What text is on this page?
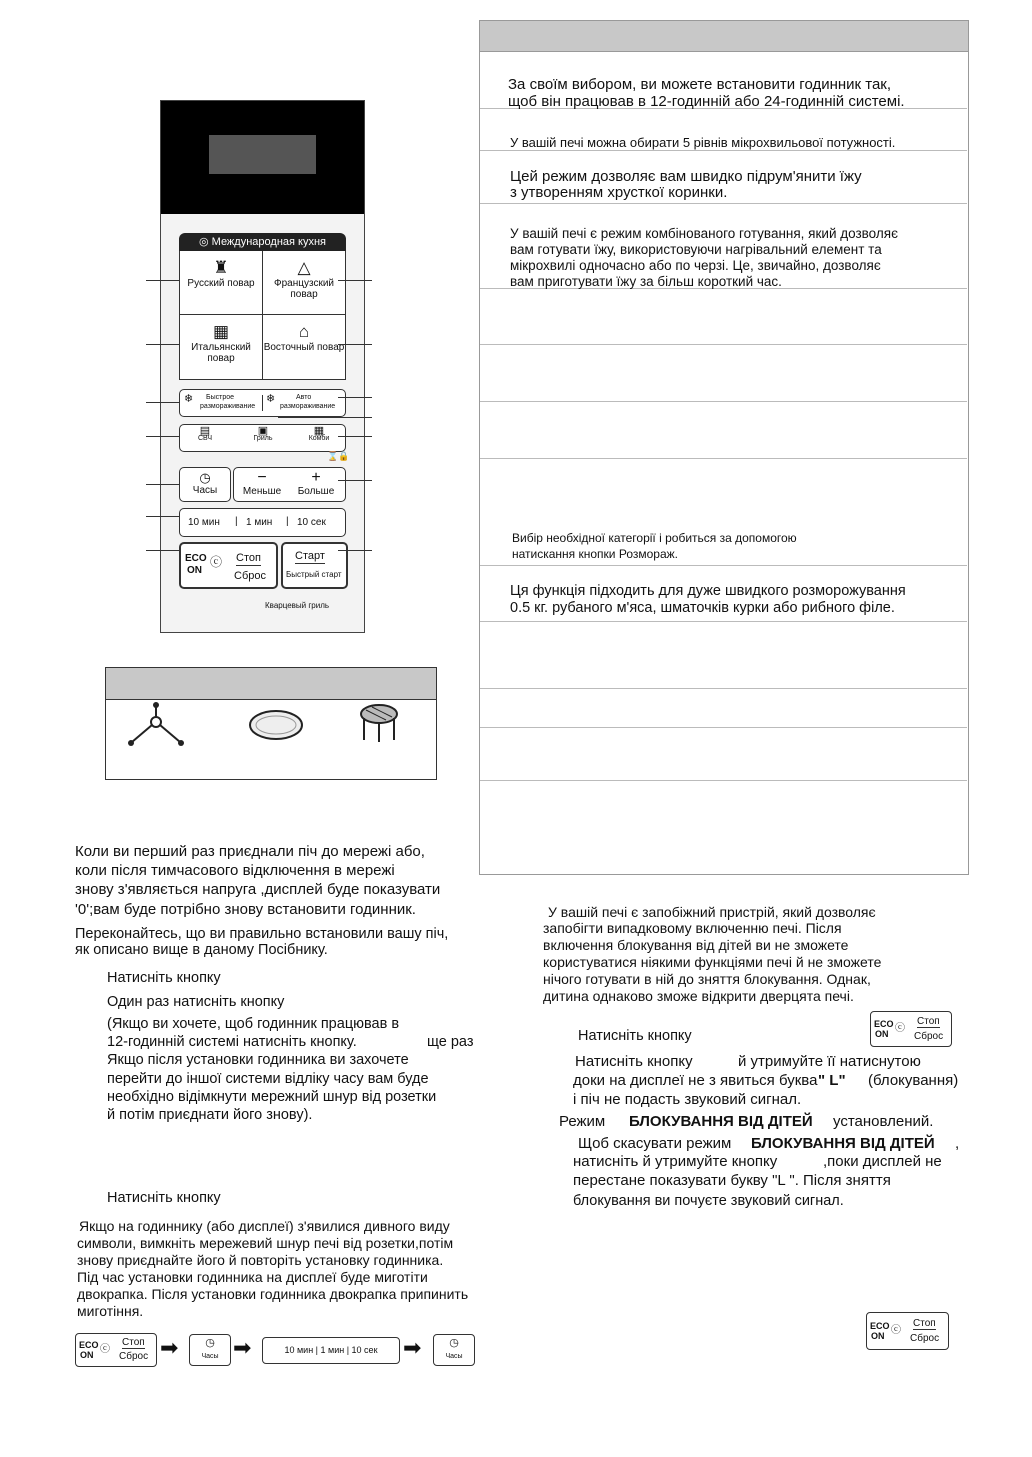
◎ Международная кухня
♜
Русский повар
△
Французский повар
▦
Итальянский повар
⌂
Восточный повар
❄ Быстрое
размораживание
❄	Авто
размораживание
▤
СВЧ
▣
Гриль
▦
Комби
⌛🔒
◷
Часы
−
Меньше
+
Больше
10 мин | 1 мин | 10 сек
ECO
ON
ⓒ Стоп
Сброс
Старт
Быстрый старт
Кварцевый гриль
За своїм вибором, ви можете встановити годинник так,
щоб він працював в 12-годинній або 24-годинній системі.
У вашій печі можна обирати 5 рівнів мікрохвильової потужності.
Цей режим дозволяє вам швидко підрум'янити їжу
з утворенням хрусткої коринки.
У вашій печі є режим комбінованого готування, який дозволяє
вам готувати їжу, використовуючи нагрівальний елемент та
мікрохвилі одночасно або по черзі. Це, звичайно, дозволяє
вам приготувати їжу за більш короткий час.
Вибір необхідної категорії і робиться за допомогою
натискання кнопки Розмораж.
Ця функція підходить для дуже швидкого розморожування
0.5 кг. рубаного м'яса, шматочків курки або рибного філе.
Коли ви перший раз приєднали піч до мережі або,
коли після тимчасового відключення в мережі
знову з'являється напруга ,дисплей буде показувати
'0';вам буде потрібно знову встановити годинник.
Переконайтесь, що ви правильно встановили вашу піч,
як описано вище в даному Посібнику.
Натисніть кнопку
Один раз натисніть кнопку
(Якщо ви хочете, щоб годинник працював в
12-годинній системі натисніть кнопку.	ще раз
Якщо після установки годинника ви захочете
перейти до іншої системи відліку часу вам буде
необхідно відімкнути мережний шнур від розетки
й потім приєднати його знову).
Натисніть кнопку
Якщо на годиннику (або дисплеї) з'явилися дивного виду
символи, вимкніть мережевий шнур печі від розетки,потім
знову приєднайте його й повторіть установку годинника.
Під час установки годинника на дисплеї буде миготіти
двокрапка. Після установки годинника двокрапка припинить
миготіння.
ECO
ON ⓒ
Стоп
Сброс ➡	◷
Часы ➡	10 мин | 1 мин | 10 сек	➡	◷
Часы
У вашій печі є запобіжний пристрій, який дозволяє
запобігти випадковому включенню печі. Після
включення блокування від дітей ви не зможете
користуватися ніякими функціями печі й не зможете
нічого готувати в ній до зняття блокування. Однак,
дитина однаково зможе відкрити дверцята печі.
Натисніть кнопку
ECO
ON ⓒ
Стоп
Сброс
Натисніть кнопку	й утримуйте її натиснутою
доки на дисплеї не з явиться буква " L" (блокування)
і піч не подасть звуковий сигнал.
Режим БЛОКУВАННЯ ВІД ДІТЕЙ установлений.
Щоб скасувати режим БЛОКУВАННЯ ВІД ДІТЕЙ ,
натисніть й утримуйте кнопку	,поки дисплей не
перестане показувати букву "L ". Після зняття
блокування ви почуєте звуковий сигнал.
ECO
ON ⓒ
Стоп
Сброс
